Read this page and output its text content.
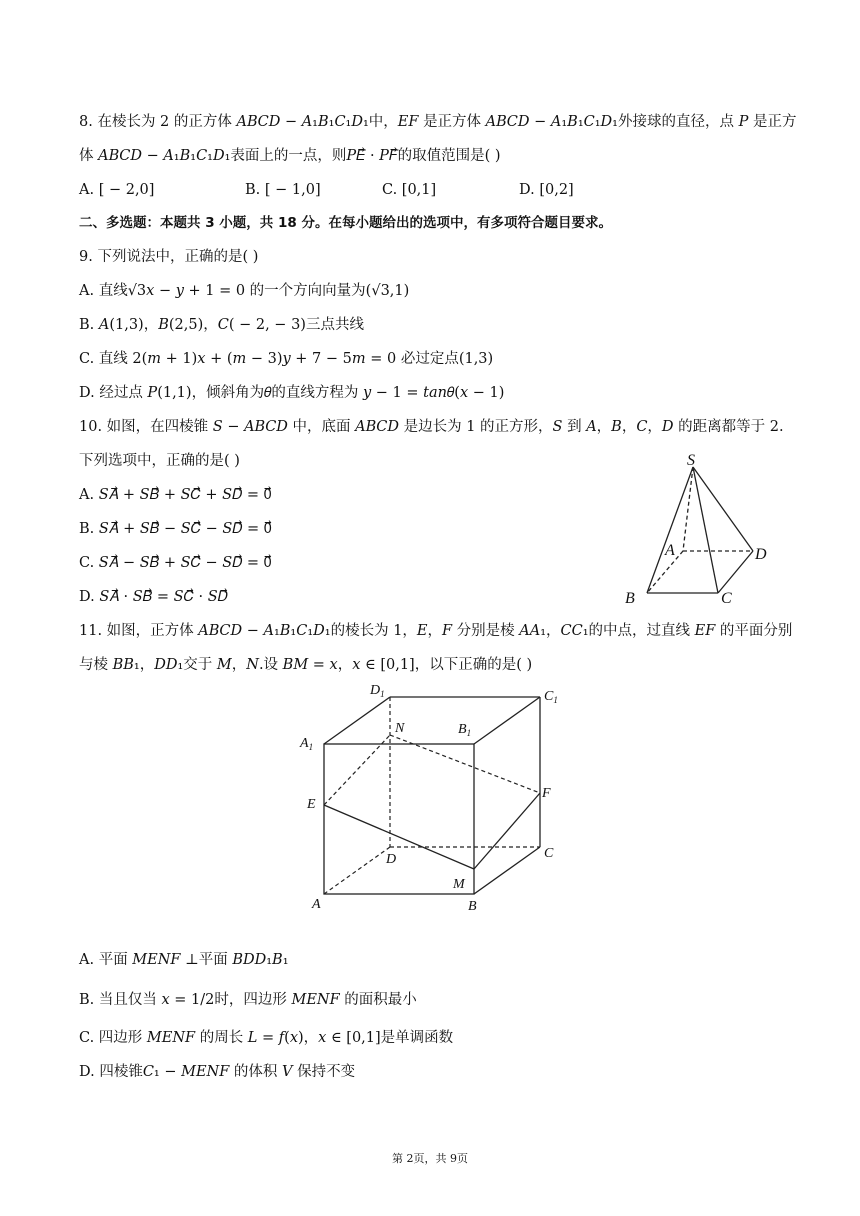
8. 在棱长为 2 的正方体 𝐴𝐵𝐶𝐷 − 𝐴₁𝐵₁𝐶₁𝐷₁中，𝐸𝐹 是正方体 𝐴𝐵𝐶𝐷 − 𝐴₁𝐵₁𝐶₁𝐷₁外接球的直径，点 𝑃 是正方
体 𝐴𝐵𝐶𝐷 − 𝐴₁𝐵₁𝐶₁𝐷₁表面上的一点，则𝑃𝐸⃗ · 𝑃𝐹⃗的取值范围是( )
A. [ − 2,0]	B. [ − 1,0]	C. [0,1]	D. [0,2]
二、多选题：本题共 3 小题，共 18 分。在每小题给出的选项中，有多项符合题目要求。
9. 下列说法中，正确的是( )
A. 直线√3𝑥 − 𝑦 + 1 = 0 的一个方向向量为(√3,1)
B. 𝐴(1,3)，𝐵(2,5)，𝐶( − 2, − 3)三点共线
C. 直线 2(𝑚 + 1)𝑥 + (𝑚 − 3)𝑦 + 7 − 5𝑚 = 0 必过定点(1,3)
D. 经过点 𝑃(1,1)，倾斜角为𝜃的直线方程为 𝑦 − 1 = 𝑡𝑎𝑛𝜃(𝑥 − 1)
10. 如图，在四棱锥 𝑆 − 𝐴𝐵𝐶𝐷 中，底面 𝐴𝐵𝐶𝐷 是边长为 1 的正方形，𝑆 到 𝐴，𝐵，𝐶，𝐷 的距离都等于 2.
下列选项中，正确的是( )
A. 𝑆𝐴⃗ + 𝑆𝐵⃗ + 𝑆𝐶⃗ + 𝑆𝐷⃗ = 0⃗
B. 𝑆𝐴⃗ + 𝑆𝐵⃗ − 𝑆𝐶⃗ − 𝑆𝐷⃗ = 0⃗
C. 𝑆𝐴⃗ − 𝑆𝐵⃗ + 𝑆𝐶⃗ − 𝑆𝐷⃗ = 0⃗
D. 𝑆𝐴⃗ · 𝑆𝐵⃗ = 𝑆𝐶⃗ · 𝑆𝐷⃗
S
A
B	C
D
11. 如图，正方体 𝐴𝐵𝐶𝐷 − 𝐴₁𝐵₁𝐶₁𝐷₁的棱长为 1，𝐸，𝐹 分别是棱 𝐴𝐴₁，𝐶𝐶₁的中点，过直线 𝐸𝐹 的平面分别
与棱 𝐵𝐵₁，𝐷𝐷₁交于 𝑀，𝑁.设 𝐵𝑀 = 𝑥，𝑥 ∈ [0,1]，以下正确的是( )
$D_1$	$C_1$
N	$B_1$
$A_1$
E
F
D	C
M
A	B
A. 平面 𝑀𝐸𝑁𝐹 ⊥平面 𝐵𝐷𝐷₁𝐵₁
B. 当且仅当 𝑥 = 1/2时，四边形 𝑀𝐸𝑁𝐹 的面积最小
C. 四边形 𝑀𝐸𝑁𝐹 的周长 𝐿 = 𝑓(𝑥)，𝑥 ∈ [0,1]是单调函数
D. 四棱锥𝐶₁ − 𝑀𝐸𝑁𝐹 的体积 𝑉 保持不变
第 2页，共 9页
